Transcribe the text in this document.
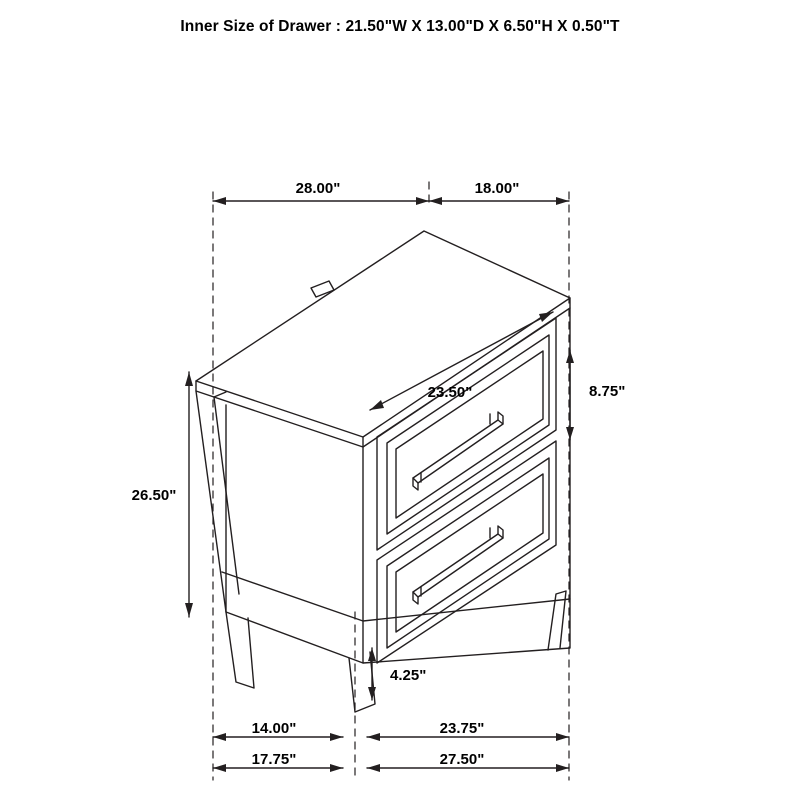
Inner Size of Drawer : 21.50"W X 13.00"D X 6.50"H X 0.50"T
28.00"	18.00"
23.50"	8.75"
26.50"
4.25"
14.00"	23.75"
17.75"	27.50"
